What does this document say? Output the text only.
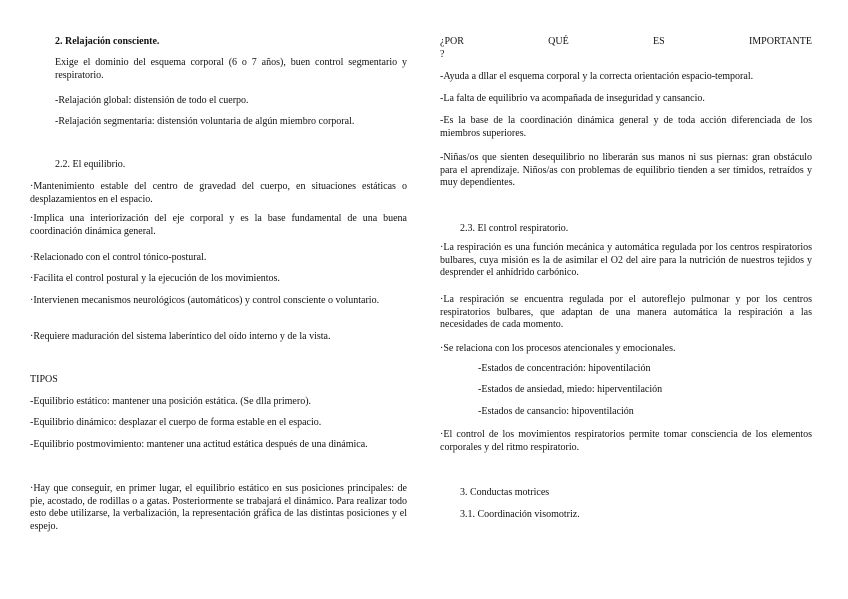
2. Relajación consciente.

Exige el dominio del esquema corporal (6 o 7 años), buen control segmentario y respiratorio.

-Relajación global: distensión de todo el cuerpo.

-Relajación segmentaria: distensión voluntaria de algún miembro corporal.

2.2. El equilibrio.

·Mantenimiento estable del centro de gravedad del cuerpo, en situaciones estáticas o desplazamientos en el espacio.

·Implica una interiorización del eje corporal y es la base fundamental de una buena coordinación dinámica general.

·Relacionado con el control tónico-postural.

·Facilita el control postural y la ejecución de los movimientos.

·Intervienen mecanismos neurológicos (automáticos) y control consciente o voluntario.

·Requiere maduración del sistema laberíntico del oído interno y de la vista.

TIPOS

-Equilibrio estático: mantener una posición estática. (Se dlla primero).

-Equilibrio dinámico: desplazar el cuerpo de forma estable en el espacio.

-Equilibrio postmovimiento: mantener una actitud estática después de una dinámica.

·Hay que conseguir, en primer lugar, el equilibrio estático en sus posiciones principales: de pie, acostado, de rodillas o a gatas. Posteriormente se trabajará el dinámico. Para realizar todo esto debe utilizarse, la verbalización, la representación gráfica de las distintas posiciones y el espejo.

¿POR	QUÉ	ES	IMPORTANTE
?

-Ayuda a dllar el esquema corporal y la correcta orientación espacio-temporal.

-La falta de equilibrio va acompañada de inseguridad y cansancio.

-Es la base de la coordinación dinámica general y de toda acción diferenciada de los miembros superiores.

-Niñas/os que sienten desequilibrio no liberarán sus manos ni sus piernas: gran obstáculo para el aprendizaje. Niños/as con problemas de equilibrio tienden a ser tímidos, retraídos y muy dependientes.

2.3. El control respiratorio.

·La respiración es una función mecánica y automática regulada por los centros respiratorios bulbares, cuya misión es la de asimilar el O2 del aire para la nutrición de nuestros tejidos y desprender el anhídrido carbónico.

·La respiración se encuentra regulada por el autoreflejo pulmonar y por los centros respiratorios bulbares, que adaptan de una manera automática la respiración a las necesidades de cada momento.

·Se relaciona con los procesos atencionales y emocionales.

-Estados de concentración: hipoventilación

-Estados de ansiedad, miedo: hiperventilación

-Estados de cansancio: hipoventilación

·El control de los movimientos respiratorios permite tomar consciencia de los elementos corporales y del ritmo respiratorio.

3. Conductas motrices

3.1. Coordinación visomotriz.
